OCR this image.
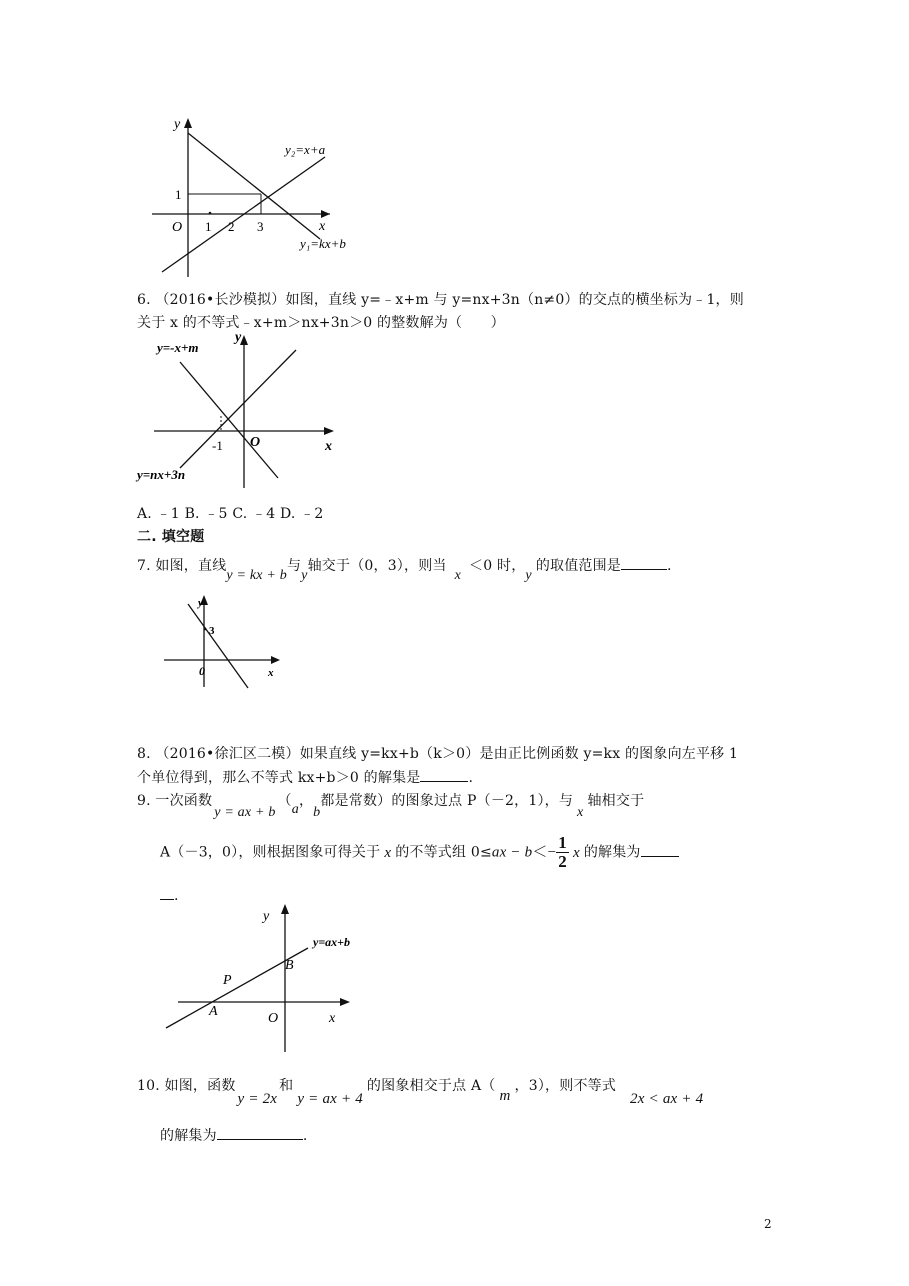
y
x
O 1 2 3
1
y₂=x+a
y₁=kx+b
6. （2016•长沙模拟）如图，直线 y=﹣x+m 与 y=nx+3n（n≠0）的交点的横坐标为﹣1，则
关于 x 的不等式﹣x+m＞nx+3n＞0 的整数解为（　　）
y
x
O
-1
y=-x+m
y=nx+3n
A. ﹣1 B. ﹣5 C. ﹣4 D. ﹣2
二. 填空题
7. 如图，直线y = kx + b与y轴交于（0，3），则当x＜0 时，y的取值范围是	.
y
x
0
3
8. （2016•徐汇区二模）如果直线 y=kx+b（k＞0）是由正比例函数 y=kx 的图象向左平移 1
个单位得到，那么不等式 kx+b＞0 的解集是	.
9. 一次函数y = ax + b（a，b都是常数）的图象过点 P（－2，1），与x轴相交于
A（－3，0），则根据图象可得关于 x 的不等式组 $0\le ax - b<- \frac{1}{2}$ x 的解集为
.
y
x
O
P
A
B
y=ax+b
10. 如图，函数y = 2x和y = ax + 4的图象相交于点 A（m，3），则不等式2x < ax + 4
的解集为	.
2
